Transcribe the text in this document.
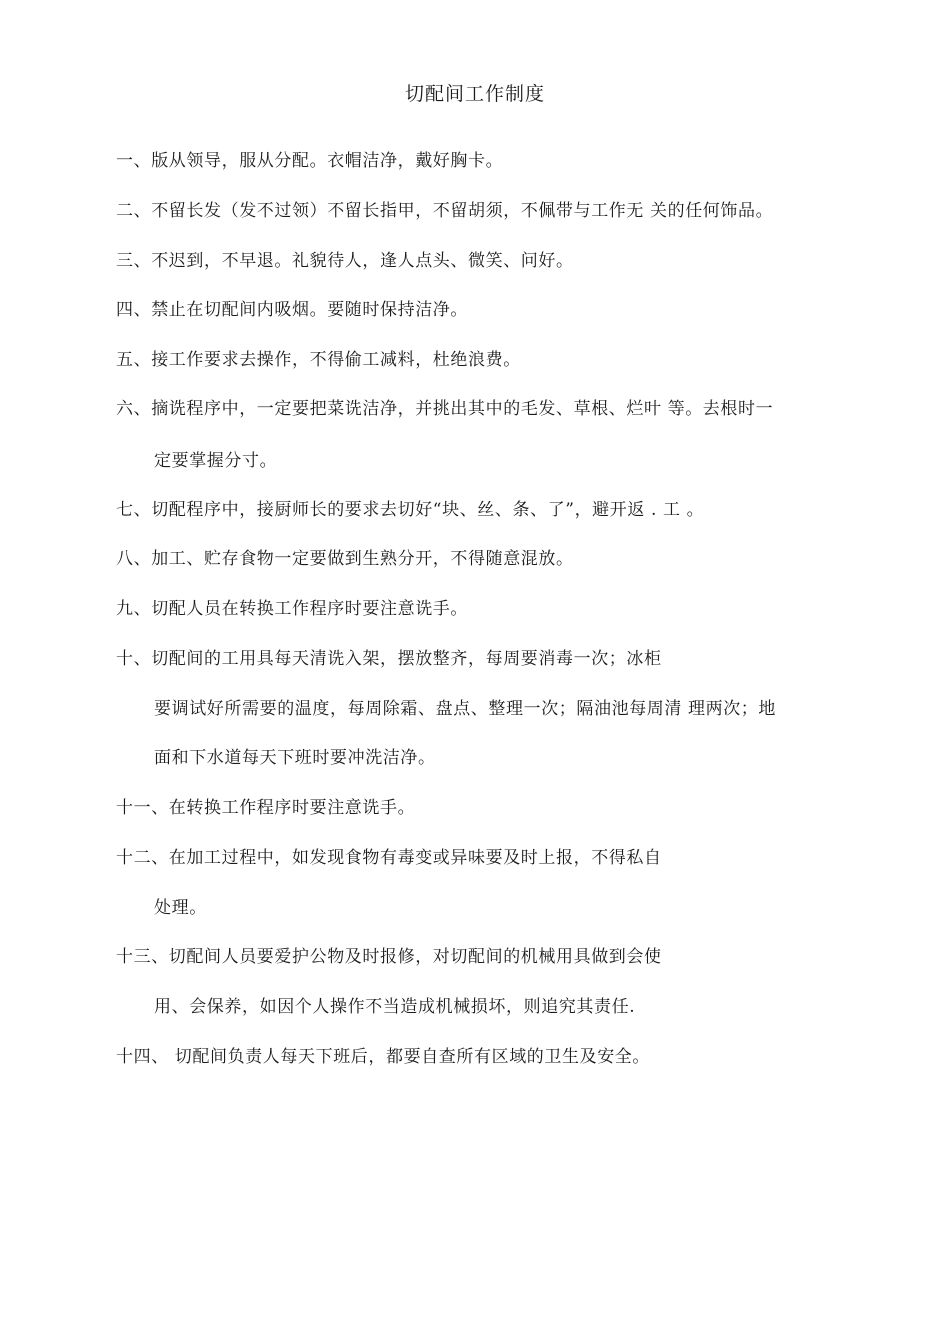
切配间工作制度
一、版从领导，服从分配。衣帽洁净，戴好胸卡。
二、不留长发（发不过领）不留长指甲，不留胡须，不佩带与工作无 关的任何饰品。
三、不迟到，不早退。礼貌待人，逢人点头、微笑、问好。
四、禁止在切配间内吸烟。要随时保持洁净。
五、接工作要求去操作，不得偷工减料，杜绝浪费。
六、摘诜程序中，一定要把菜诜洁净，并挑出其中的毛发、草根、烂叶 等。去根时一
定要掌握分寸。
七、切配程序中，接厨师长的要求去切好“块、丝、条、了”，避开返 . 工 。
八、加工、贮存食物一定要做到生熟分开，不得随意混放。
九、切配人员在转换工作程序时要注意诜手。
十、切配间的工用具每天清诜入架，摆放整齐，每周要消毒一次；冰柜
要调试好所需要的温度，每周除霜、盘点、整理一次；隔油池每周清 理两次；地
面和下水道每天下班时要冲洗洁净。
十一、在转换工作程序时要注意诜手。
十二、在加工过程中，如发现食物有毒变或异味要及时上报，不得私自
处理。
十三、切配间人员要爱护公物及时报修，对切配间的机械用具做到会使
用、会保养，如因个人操作不当造成机械损坏，则追究其责任.
十四、 切配间负责人每天下班后，都要自查所有区域的卫生及安全。
